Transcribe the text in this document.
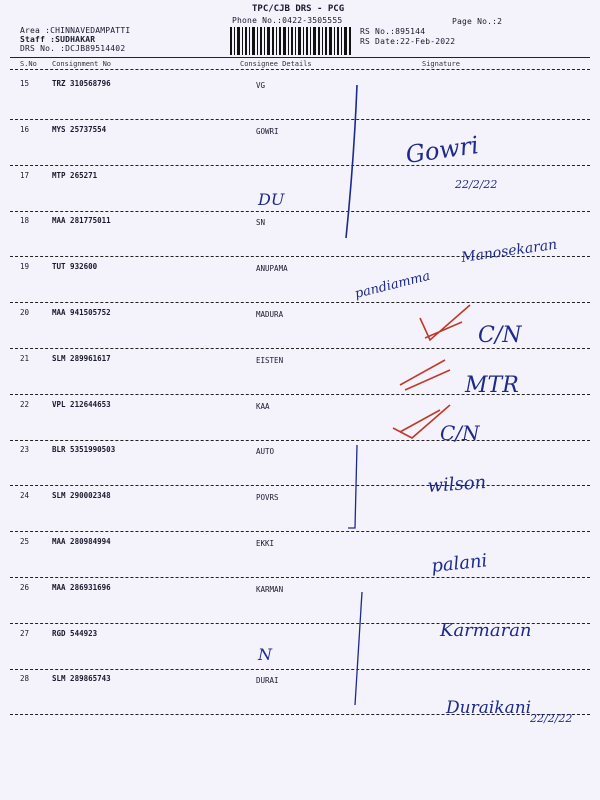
TPC/CJB DRS - PCG
Phone No.:0422-3505555	Page No.:2
Area :CHINNAVEDAMPATTI
Staff :SUDHAKAR
DRS No. :DCJB89514402
RS No.:895144
RS Date:22-Feb-2022
S.No Consignment No	Consignee Details	Signature
15	TRZ 310568796	VG
16	MYS 25737554	GOWRI
17	MTP 265271
18	MAA 281775011	SN
19	TUT 932600	ANUPAMA
20	MAA 941505752	MADURA
21	SLM 289961617	EISTEN
22	VPL 212644653	KAA
23	BLR 5351990503	AUTO
24	SLM 290002348	POVRS
25	MAA 280984994	EKKI
26	MAA 286931696	KARMAN
27	RGD 544923
28	SLM 289865743	DURAI
Gowri
22/2/22
DU
Manosekaran
pandiamma
C/N
MTR
C/N
wilson
palani
Karmaran
N
Duraikani
22/2/22
